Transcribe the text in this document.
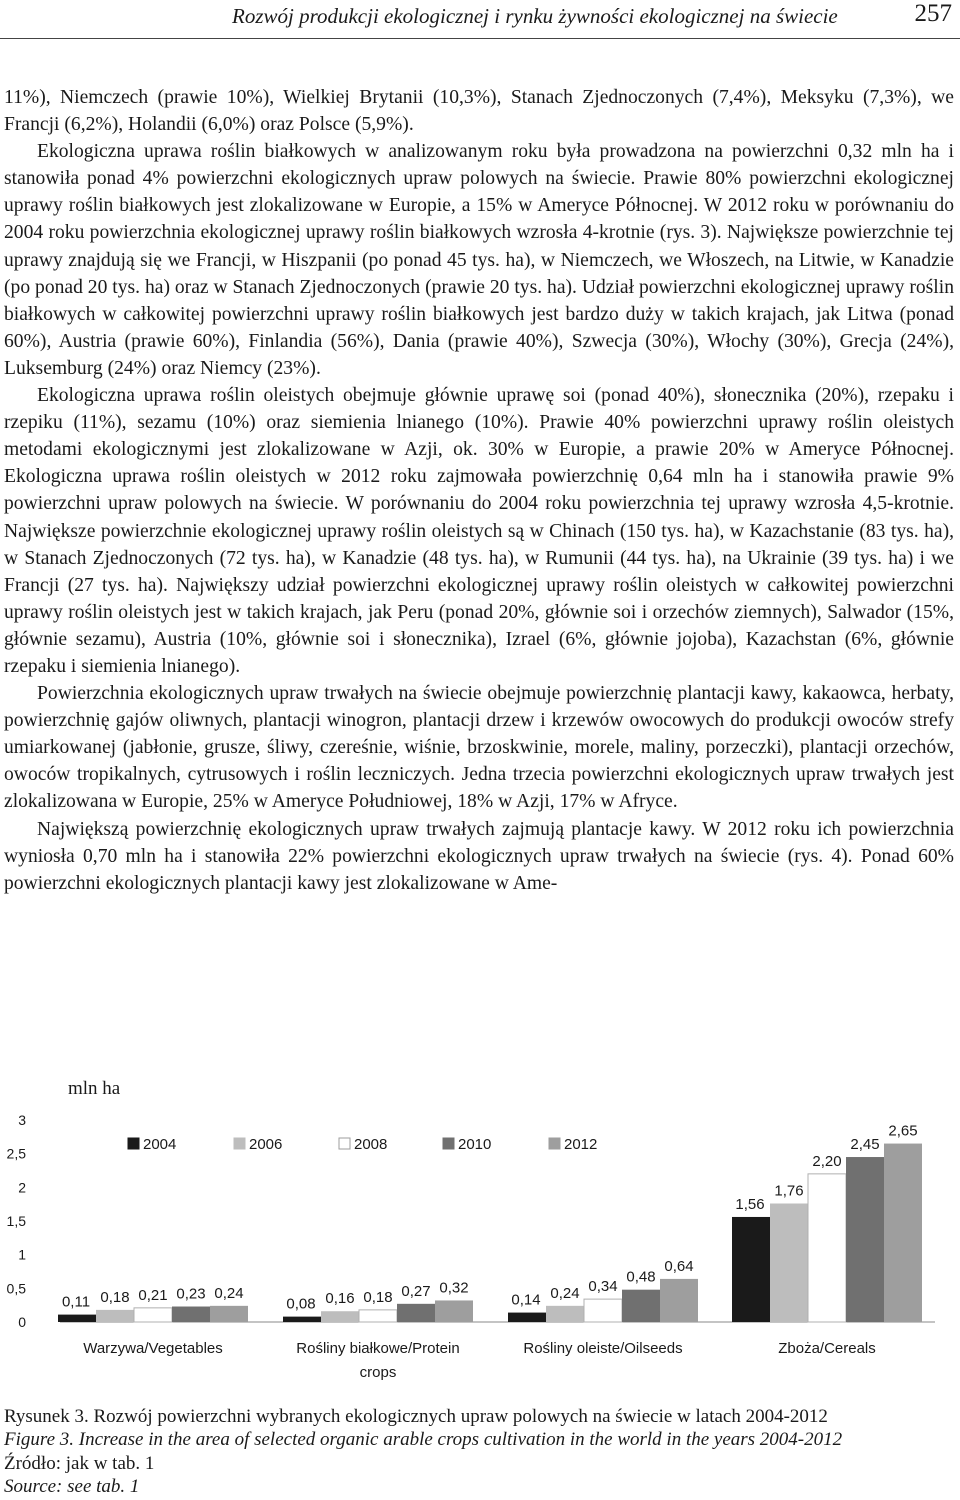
Rozwój produkcji ekologicznej i rynku żywności ekologicznej na świecie	257

11%), Niemczech (prawie 10%), Wielkiej Brytanii (10,3%), Stanach Zjednoczonych (7,4%), Meksyku (7,3%), we Francji (6,2%), Holandii (6,0%) oraz Polsce (5,9%).

Ekologiczna uprawa roślin białkowych w analizowanym roku była prowadzona na powierzchni 0,32 mln ha i stanowiła ponad 4% powierzchni ekologicznych upraw polowych na świecie. Prawie 80% powierzchni ekologicznej uprawy roślin białkowych jest zlokalizowane w Europie, a 15% w Ameryce Północnej. W 2012 roku w porównaniu do 2004 roku powierzchnia ekologicznej uprawy roślin białkowych wzrosła 4-krotnie (rys. 3). Największe powierzchnie tej uprawy znajdują się we Francji, w Hiszpanii (po ponad 45 tys. ha), w Niemczech, we Włoszech, na Litwie, w Kanadzie (po ponad 20 tys. ha) oraz w Stanach Zjednoczonych (prawie 20 tys. ha). Udział powierzchni ekologicznej uprawy roślin białkowych w całkowitej powierzchni uprawy roślin białkowych jest bardzo duży w takich krajach, jak Litwa (ponad 60%), Austria (prawie 60%), Finlandia (56%), Dania (prawie 40%), Szwecja (30%), Włochy (30%), Grecja (24%), Luksemburg (24%) oraz Niemcy (23%).

Ekologiczna uprawa roślin oleistych obejmuje głównie uprawę soi (ponad 40%), słonecznika (20%), rzepaku i rzepiku (11%), sezamu (10%) oraz siemienia lnianego (10%). Prawie 40% powierzchni uprawy roślin oleistych metodami ekologicznymi jest zlokalizowane w Azji, ok. 30% w Europie, a prawie 20% w Ameryce Północnej. Ekologiczna uprawa roślin oleistych w 2012 roku zajmowała powierzchnię 0,64 mln ha i stanowiła prawie 9% powierzchni upraw polowych na świecie. W porównaniu do 2004 roku powierzchnia tej uprawy wzrosła 4,5-krotnie. Największe powierzchnie ekologicznej uprawy roślin oleistych są w Chinach (150 tys. ha), w Kazachstanie (83 tys. ha), w Stanach Zjednoczonych (72 tys. ha), w Kanadzie (48 tys. ha), w Rumunii (44 tys. ha), na Ukrainie (39 tys. ha) i we Francji (27 tys. ha). Największy udział powierzchni ekologicznej uprawy roślin oleistych w całkowitej powierzchni uprawy roślin oleistych jest w takich krajach, jak Peru (ponad 20%, głównie soi i orzechów ziemnych), Salwador (15%, głównie sezamu), Austria (10%, głównie soi i słonecznika), Izrael (6%, głównie jojoba), Kazachstan (6%, głównie rzepaku i siemienia lnianego).

Powierzchnia ekologicznych upraw trwałych na świecie obejmuje powierzchnię plantacji kawy, kakaowca, herbaty, powierzchnię gajów oliwnych, plantacji winogron, plantacji drzew i krzewów owocowych do produkcji owoców strefy umiarkowanej (jabłonie, grusze, śliwy, czereśnie, wiśnie, brzoskwinie, morele, maliny, porzeczki), plantacji orzechów, owoców tropikalnych, cytrusowych i roślin leczniczych. Jedna trzecia powierzchni ekologicznych upraw trwałych jest zlokalizowana w Europie, 25% w Ameryce Południowej, 18% w Azji, 17% w Afryce.

Największą powierzchnię ekologicznych upraw trwałych zajmują plantacje kawy. W 2012 roku ich powierzchnia wyniosła 0,70 mln ha i stanowiła 22% powierzchni ekologicznych upraw trwałych na świecie (rys. 4). Ponad 60% powierzchni ekologicznych plantacji kawy jest zlokalizowane w Ame-

mln ha
0
0,5
1
1,5
2
2,5
3
2004	2006	2008	2010	2012
0,11 0,18 0,21 0,23 0,24
Warzywa/Vegetables
0,08 0,16 0,18 0,27 0,32
Rośliny białkowe/Protein
crops
0,14 0,24 0,34
0,48
0,64
Rośliny oleiste/Oilseeds
1,56
1,76
2,20
2,45
2,65
Zboża/Cereals
Rysunek 3. Rozwój powierzchni wybranych ekologicznych upraw polowych na świecie w latach 2004-2012
Figure 3. Increase in the area of selected organic arable crops cultivation in the world in the years 2004-2012
Źródło: jak w tab. 1
Source: see tab. 1
